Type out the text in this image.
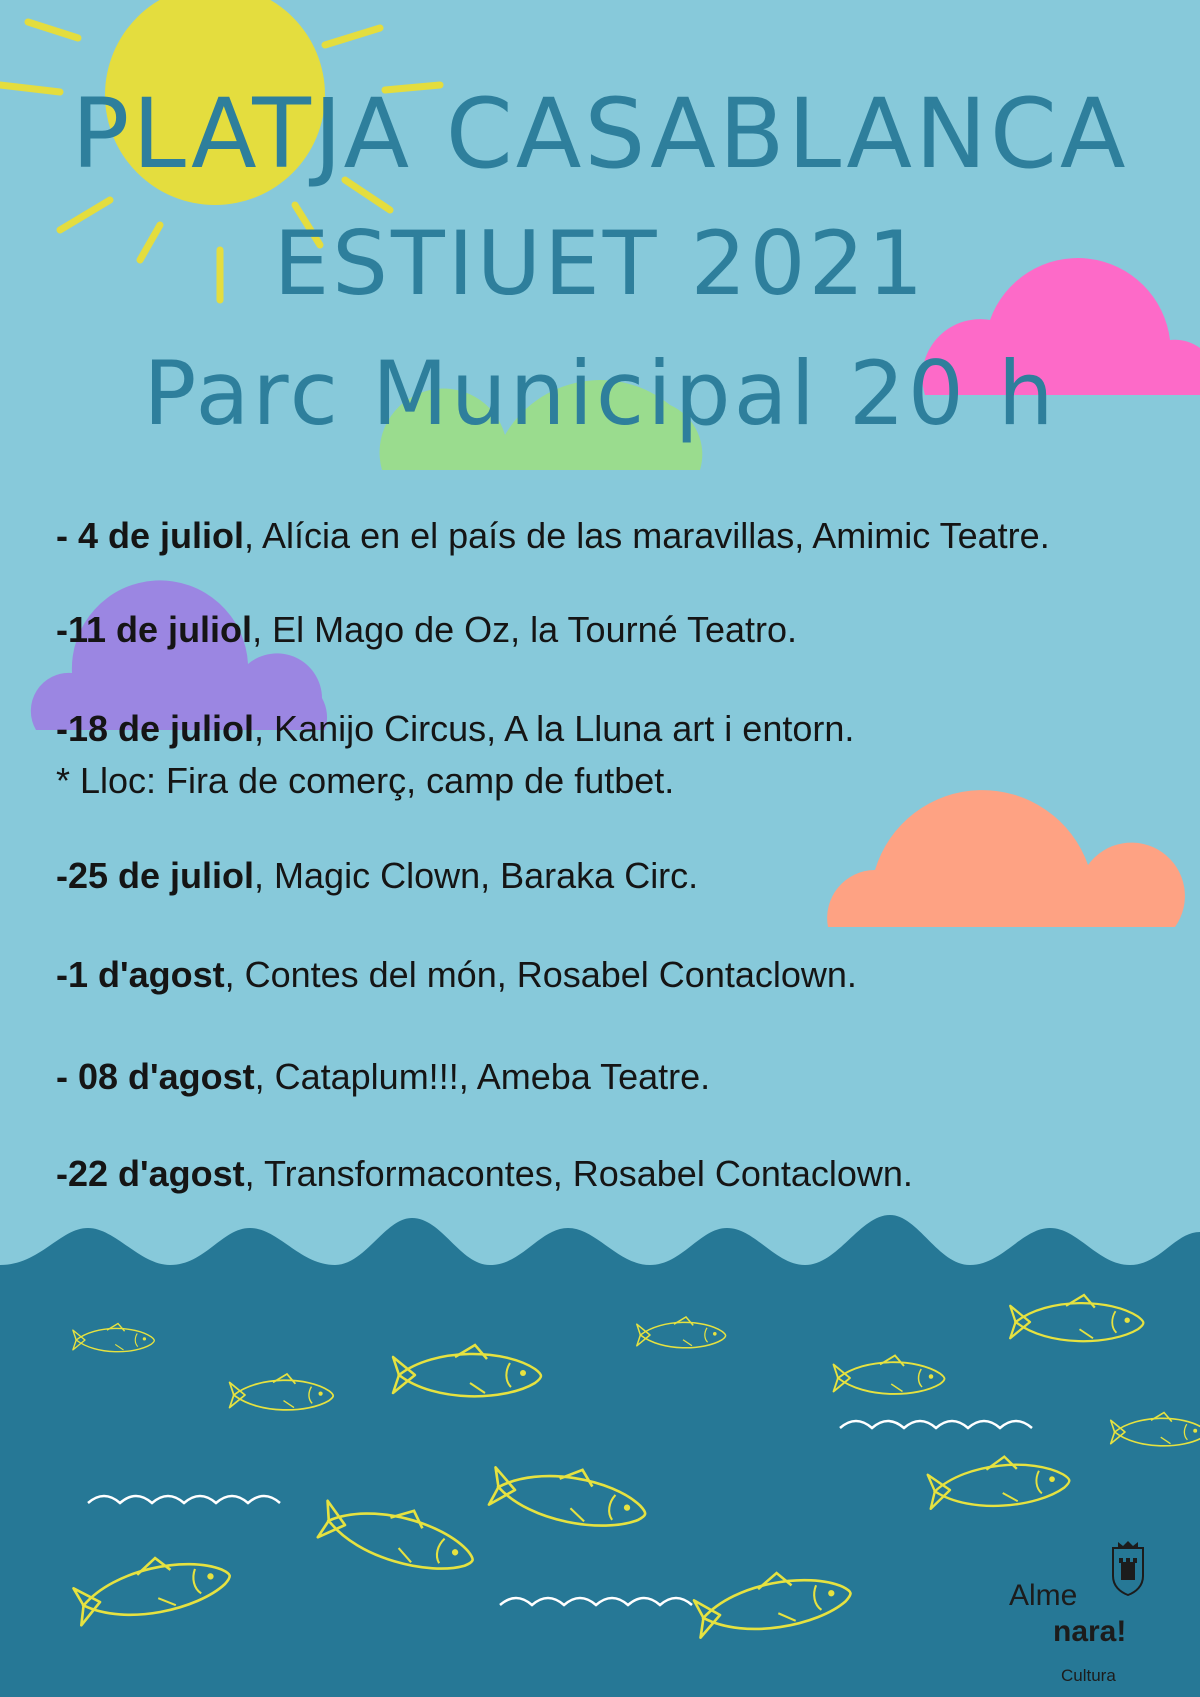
PLATJA CASABLANCA
ESTIUET 2021
Parc Municipal 20 h
- 4 de juliol, Alícia en el país de las maravillas, Amimic Teatre.
-11 de juliol, El Mago de Oz, la Tourné Teatro.
-18 de juliol, Kanijo Circus, A la Lluna art i entorn.
* Lloc: Fira de comerç, camp de futbet.
-25 de juliol, Magic Clown, Baraka Circ.
-1 d'agost, Contes del món, Rosabel Contaclown.
- 08 d'agost, Cataplum!!!, Ameba Teatre.
-22 d'agost, Transformacontes, Rosabel Contaclown.
Alme
nara!
Cultura
